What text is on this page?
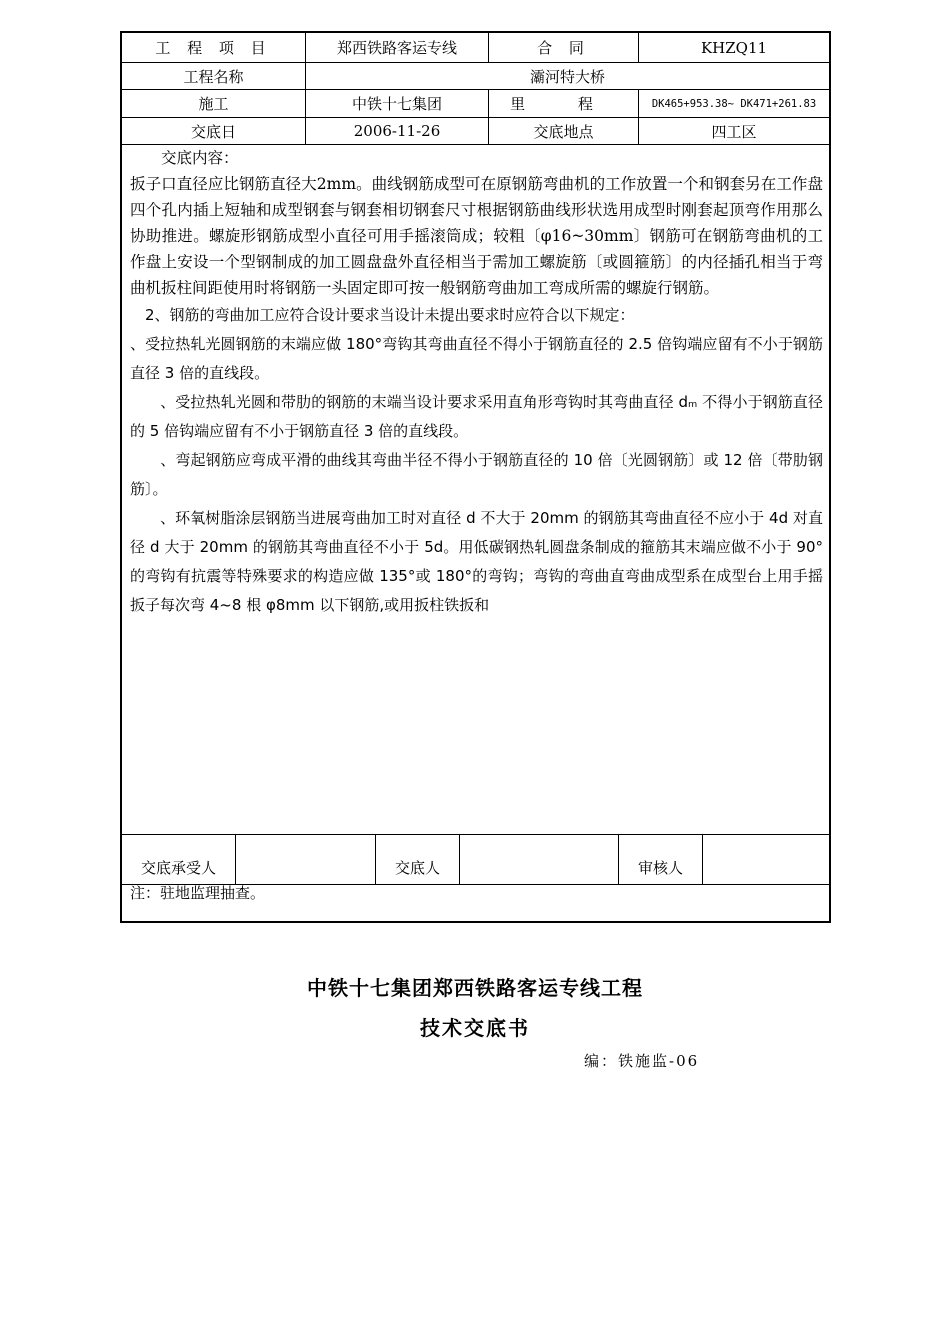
工 程 项 目	郑西铁路客运专线	合 同	KHZQ11
工程名称	灞河特大桥
施工	中铁十七集团	里 程	DK465+953.38~ DK471+261.83
交底日	2006-11-26	交底地点	四工区

　　交底内容：

扳子口直径应比钢筋直径大2mm。曲线钢筋成型可在原钢筋弯曲机的工作放置一个和钢套另在工作盘四个孔内插上短轴和成型钢套与钢套相切钢套尺寸根据钢筋曲线形状选用成型时刚套起顶弯作用那么协助推进。螺旋形钢筋成型小直径可用手摇滚筒成；较粗〔φ16~30mm〕钢筋可在钢筋弯曲机的工作盘上安设一个型钢制成的加工圆盘盘外直径相当于需加工螺旋筋〔或圆箍筋〕的内径插孔相当于弯曲机扳柱间距使用时将钢筋一头固定即可按一般钢筋弯曲加工弯成所需的螺旋行钢筋。

　2、钢筋的弯曲加工应符合设计要求当设计未提出要求时应符合以下规定：

、受拉热轧光圆钢筋的末端应做 180°弯钩其弯曲直径不得小于钢筋直径的 2.5 倍钩端应留有不小于钢筋直径 3 倍的直线段。

　　、受拉热轧光圆和带肋的钢筋的末端当设计要求采用直角形弯钩时其弯曲直径 dₘ 不得小于钢筋直径的 5 倍钩端应留有不小于钢筋直径 3 倍的直线段。

　　、弯起钢筋应弯成平滑的曲线其弯曲半径不得小于钢筋直径的 10 倍〔光圆钢筋〕或 12 倍〔带肋钢筋〕。

　　、环氧树脂涂层钢筋当进展弯曲加工时对直径 d 不大于 20mm 的钢筋其弯曲直径不应小于 4d 对直径 d 大于 20mm 的钢筋其弯曲直径不小于 5d。用低碳钢热轧圆盘条制成的箍筋其末端应做不小于 90°的弯钩有抗震等特殊要求的构造应做 135°或 180°的弯钩；弯钩的弯曲直弯曲成型系在成型台上用手摇扳子每次弯 4~8 根 φ8mm 以下钢筋,或用扳柱铁扳和

交底承受人	交底人	审核人
注：驻地监理抽查。
中铁十七集团郑西铁路客运专线工程
技术交底书
编：铁施监-06
